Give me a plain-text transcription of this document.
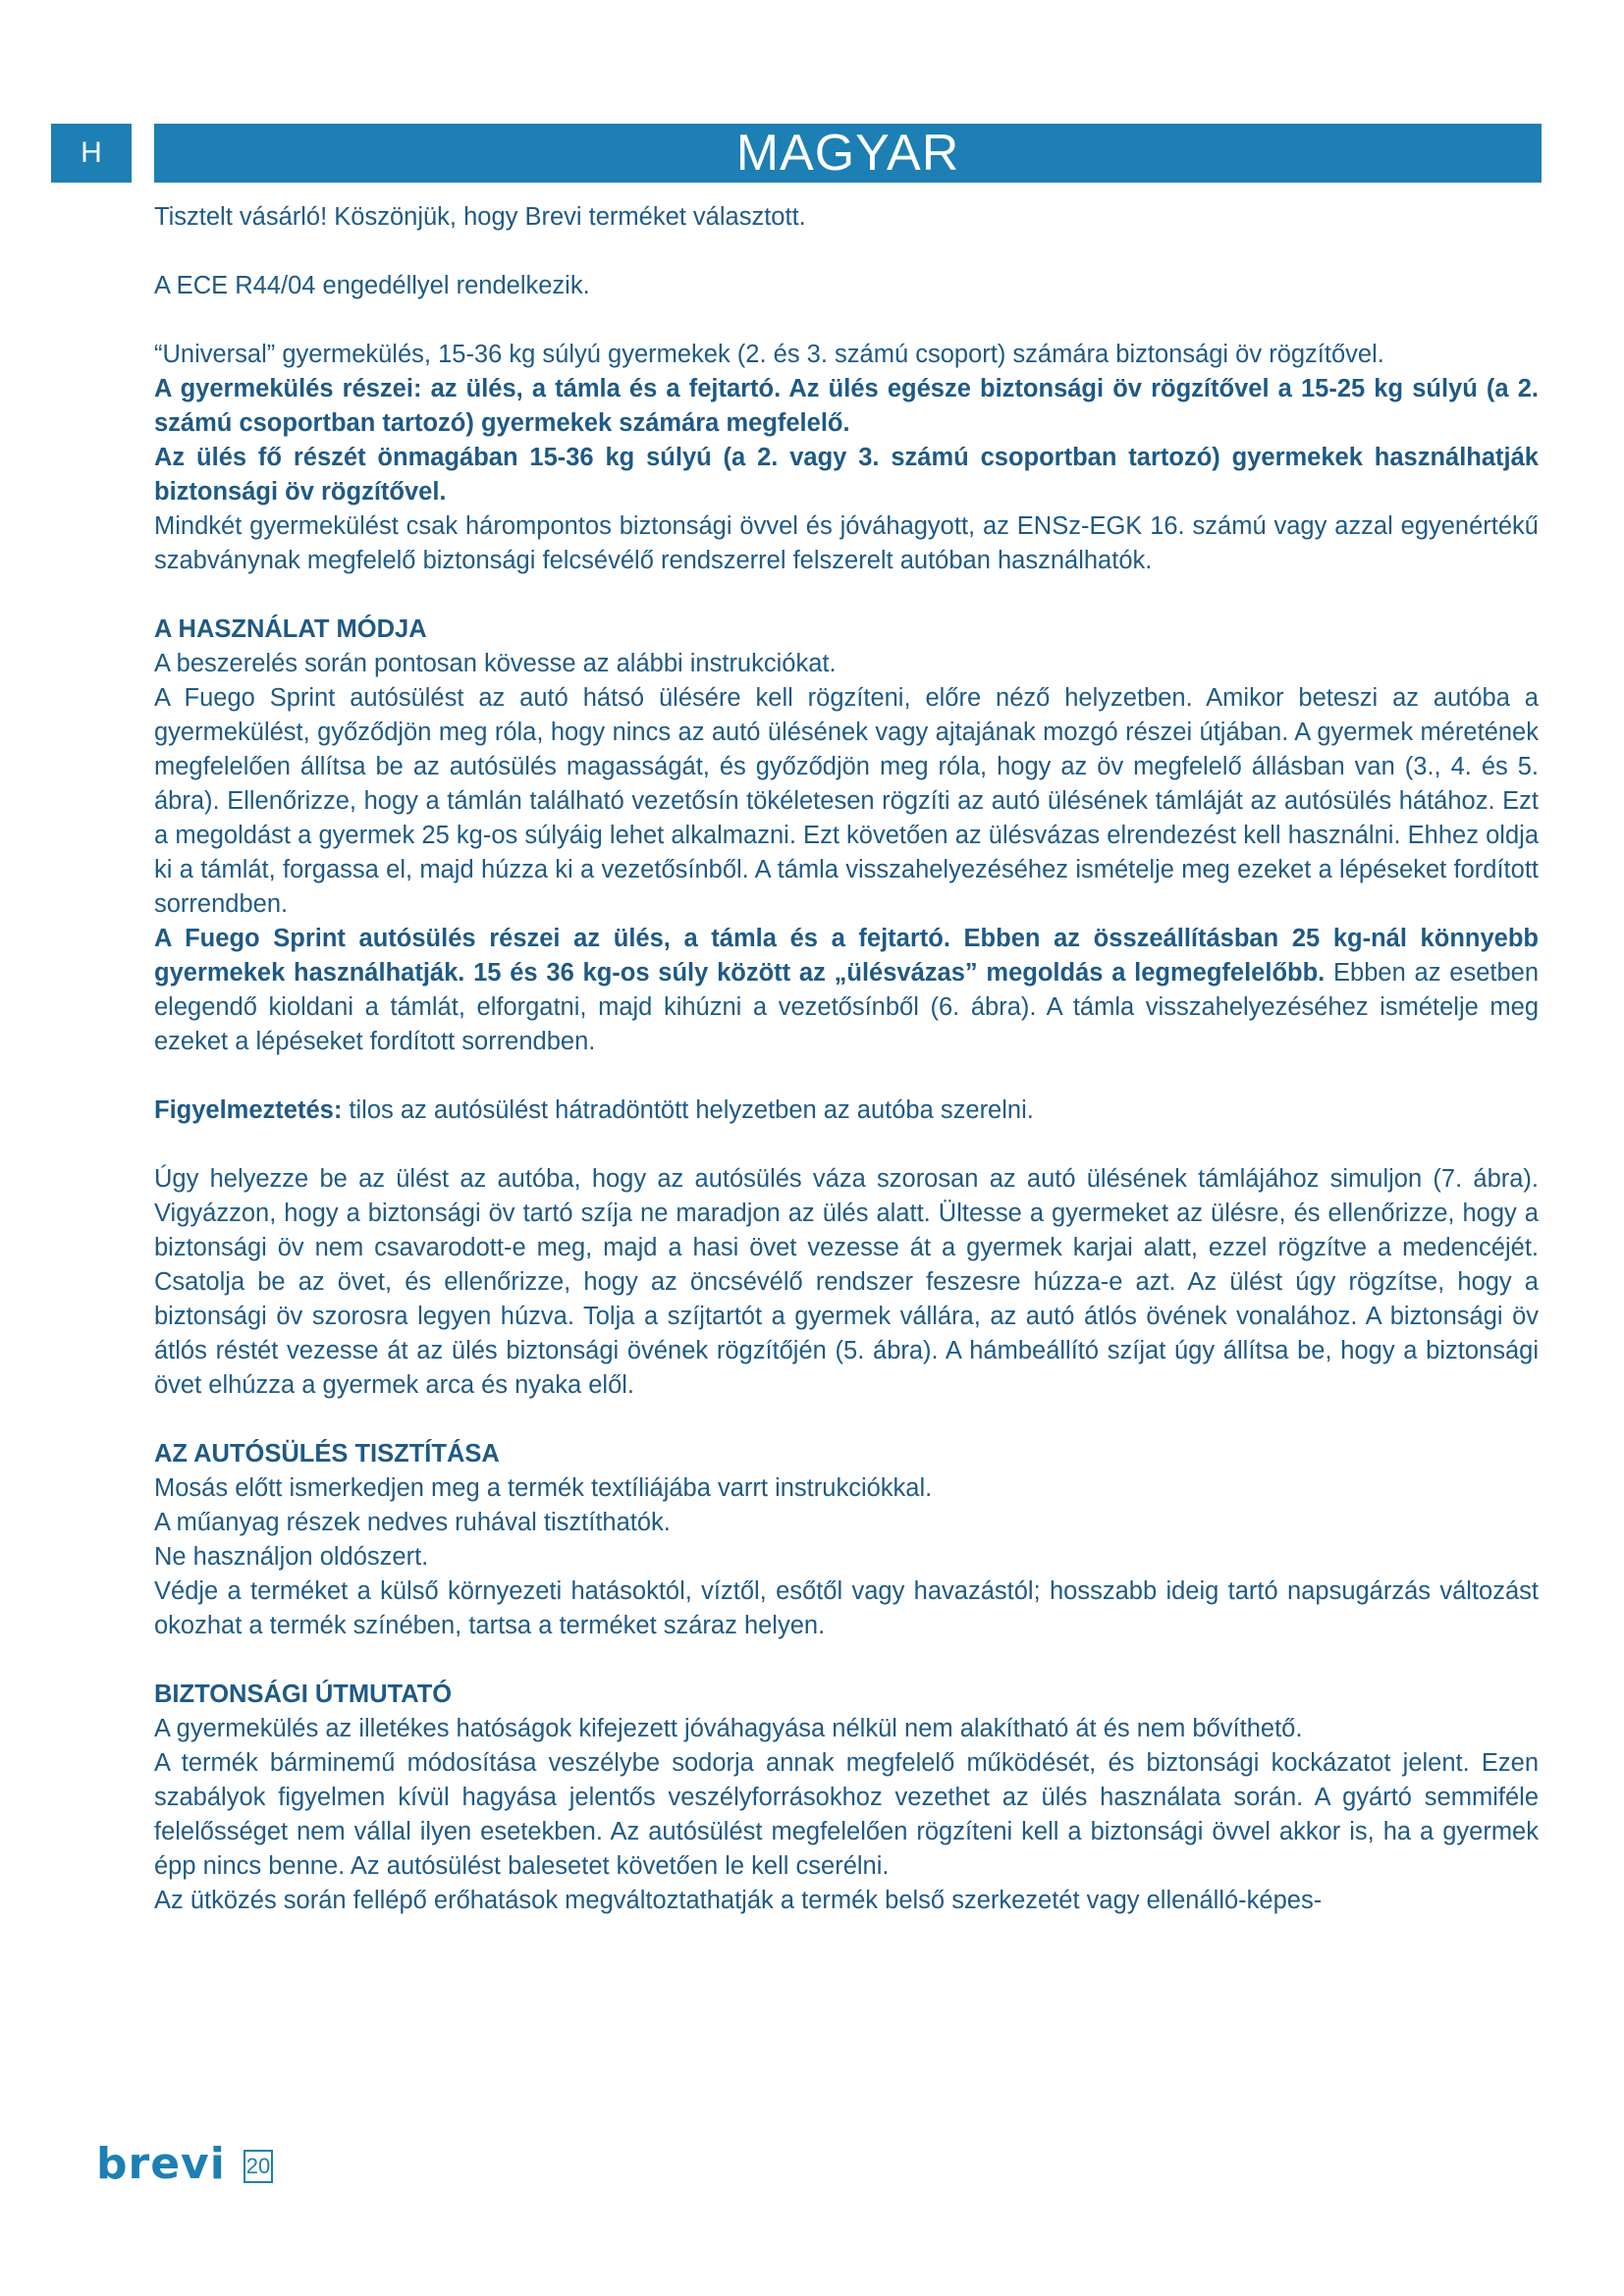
H	MAGYAR

Tisztelt vásárló! Köszönjük, hogy Brevi terméket választott.

A ECE R44/04 engedéllyel rendelkezik.

“Universal” gyermekülés, 15-36 kg súlyú gyermekek (2. és 3. számú csoport) számára biztonsági öv rögzítővel.

A gyermekülés részei: az ülés, a támla és a fejtartó. Az ülés egésze biztonsági öv rögzítővel a 15-25 kg súlyú (a 2. számú csoportban tartozó) gyermekek számára megfelelő.

Az ülés fő részét önmagában 15-36 kg súlyú (a 2. vagy 3. számú csoportban tartozó) gyermekek használhatják biztonsági öv rögzítővel.

Mindkét gyermekülést csak hárompontos biztonsági övvel és jóváhagyott, az ENSz-EGK 16. számú vagy azzal egyenértékű szabványnak megfelelő biztonsági felcsévélő rendszerrel felszerelt autóban használhatók.

A HASZNÁLAT MÓDJA

A beszerelés során pontosan kövesse az alábbi instrukciókat.

A Fuego Sprint autósülést az autó hátsó ülésére kell rögzíteni, előre néző helyzetben. Amikor beteszi az autóba a gyermekülést, győződjön meg róla, hogy nincs az autó ülésének vagy ajtajának mozgó részei útjában. A gyermek méretének megfelelően állítsa be az autósülés magasságát, és győződjön meg róla, hogy az öv megfelelő állásban van (3., 4. és 5. ábra). Ellenőrizze, hogy a támlán található vezetősín tökéletesen rögzíti az autó ülésének támláját az autósülés hátához. Ezt a megoldást a gyermek 25 kg-os súlyáig lehet alkalmazni. Ezt követően az ülésvázas elrendezést kell használni. Ehhez oldja ki a támlát, forgassa el, majd húzza ki a vezetősínből. A támla visszahelyezéséhez ismételje meg ezeket a lépéseket fordított sorrendben.

A Fuego Sprint autósülés részei az ülés, a támla és a fejtartó. Ebben az összeállításban 25 kg-nál könnyebb gyermekek használhatják. 15 és 36 kg-os súly között az „ülésvázas” megoldás a legmegfelelőbb. Ebben az esetben elegendő kioldani a támlát, elforgatni, majd kihúzni a vezetősínből (6. ábra). A támla visszahelyezéséhez ismételje meg ezeket a lépéseket fordított sorrendben.

Figyelmeztetés: tilos az autósülést hátradöntött helyzetben az autóba szerelni.

Úgy helyezze be az ülést az autóba, hogy az autósülés váza szorosan az autó ülésének támlájához simuljon (7. ábra). Vigyázzon, hogy a biztonsági öv tartó szíja ne maradjon az ülés alatt. Ültesse a gyermeket az ülésre, és ellenőrizze, hogy a biztonsági öv nem csavarodott-e meg, majd a hasi övet vezesse át a gyermek karjai alatt, ezzel rögzítve a medencéjét. Csatolja be az övet, és ellenőrizze, hogy az öncsévélő rendszer feszesre húzza-e azt. Az ülést úgy rögzítse, hogy a biztonsági öv szorosra legyen húzva. Tolja a szíjtartót a gyermek vállára, az autó átlós övének vonalához. A biztonsági öv átlós réstét vezesse át az ülés biztonsági övének rögzítőjén (5. ábra). A hámbeállító szíjat úgy állítsa be, hogy a biztonsági övet elhúzza a gyermek arca és nyaka elől.

AZ AUTÓSÜLÉS TISZTÍTÁSA

Mosás előtt ismerkedjen meg a termék textíliájába varrt instrukciókkal.

A műanyag részek nedves ruhával tisztíthatók.

Ne használjon oldószert.

Védje a terméket a külső környezeti hatásoktól, víztől, esőtől vagy havazástól; hosszabb ideig tartó napsugárzás változást okozhat a termék színében, tartsa a terméket száraz helyen.

BIZTONSÁGI ÚTMUTATÓ

A gyermekülés az illetékes hatóságok kifejezett jóváhagyása nélkül nem alakítható át és nem bővíthető.

A termék bárminemű módosítása veszélybe sodorja annak megfelelő működését, és biztonsági kockázatot jelent. Ezen szabályok figyelmen kívül hagyása jelentős veszélyforrásokhoz vezethet az ülés használata során. A gyártó semmiféle felelősséget nem vállal ilyen esetekben. Az autósülést megfelelően rögzíteni kell a biztonsági övvel akkor is, ha a gyermek épp nincs benne. Az autósülést balesetet követően le kell cserélni.

Az ütközés során fellépő erőhatások megváltoztathatják a termék belső szerkezetét vagy ellenálló-képes-

brevi 20
